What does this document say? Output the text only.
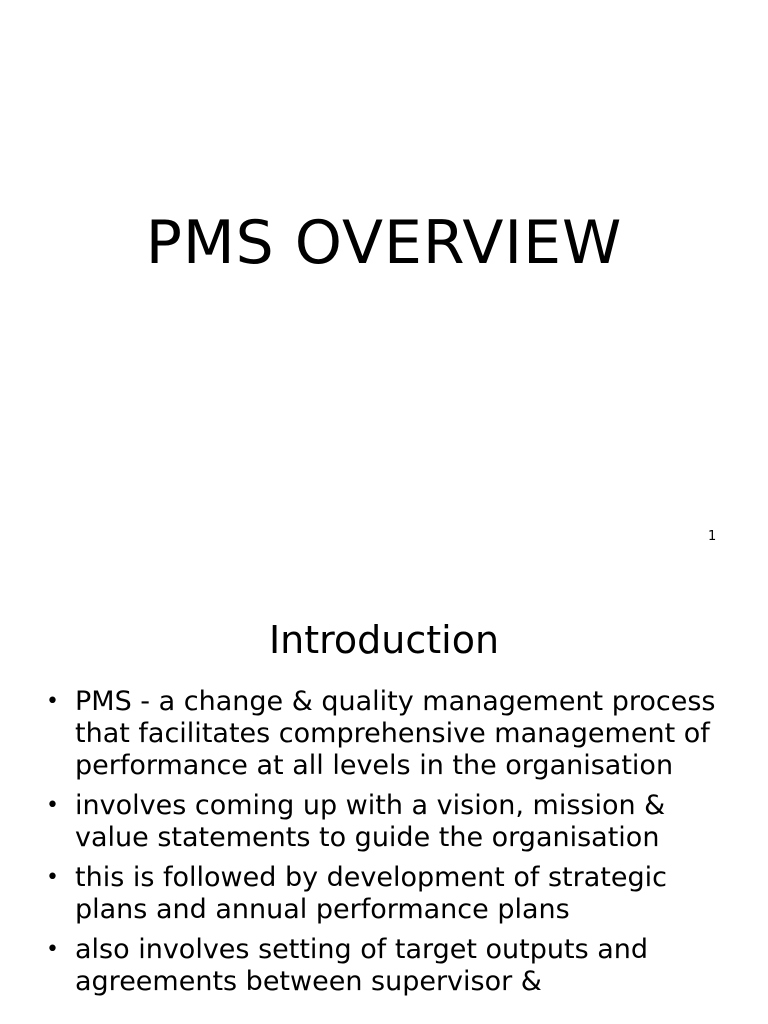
PMS OVERVIEW
1
Introduction
• PMS - a change & quality management process that facilitates comprehensive management of performance at all levels in the organisation
• involves coming up with a vision, mission & value statements to guide the organisation
• this is followed by development of strategic plans and annual performance plans
• also involves setting of target outputs and agreements between supervisor &
